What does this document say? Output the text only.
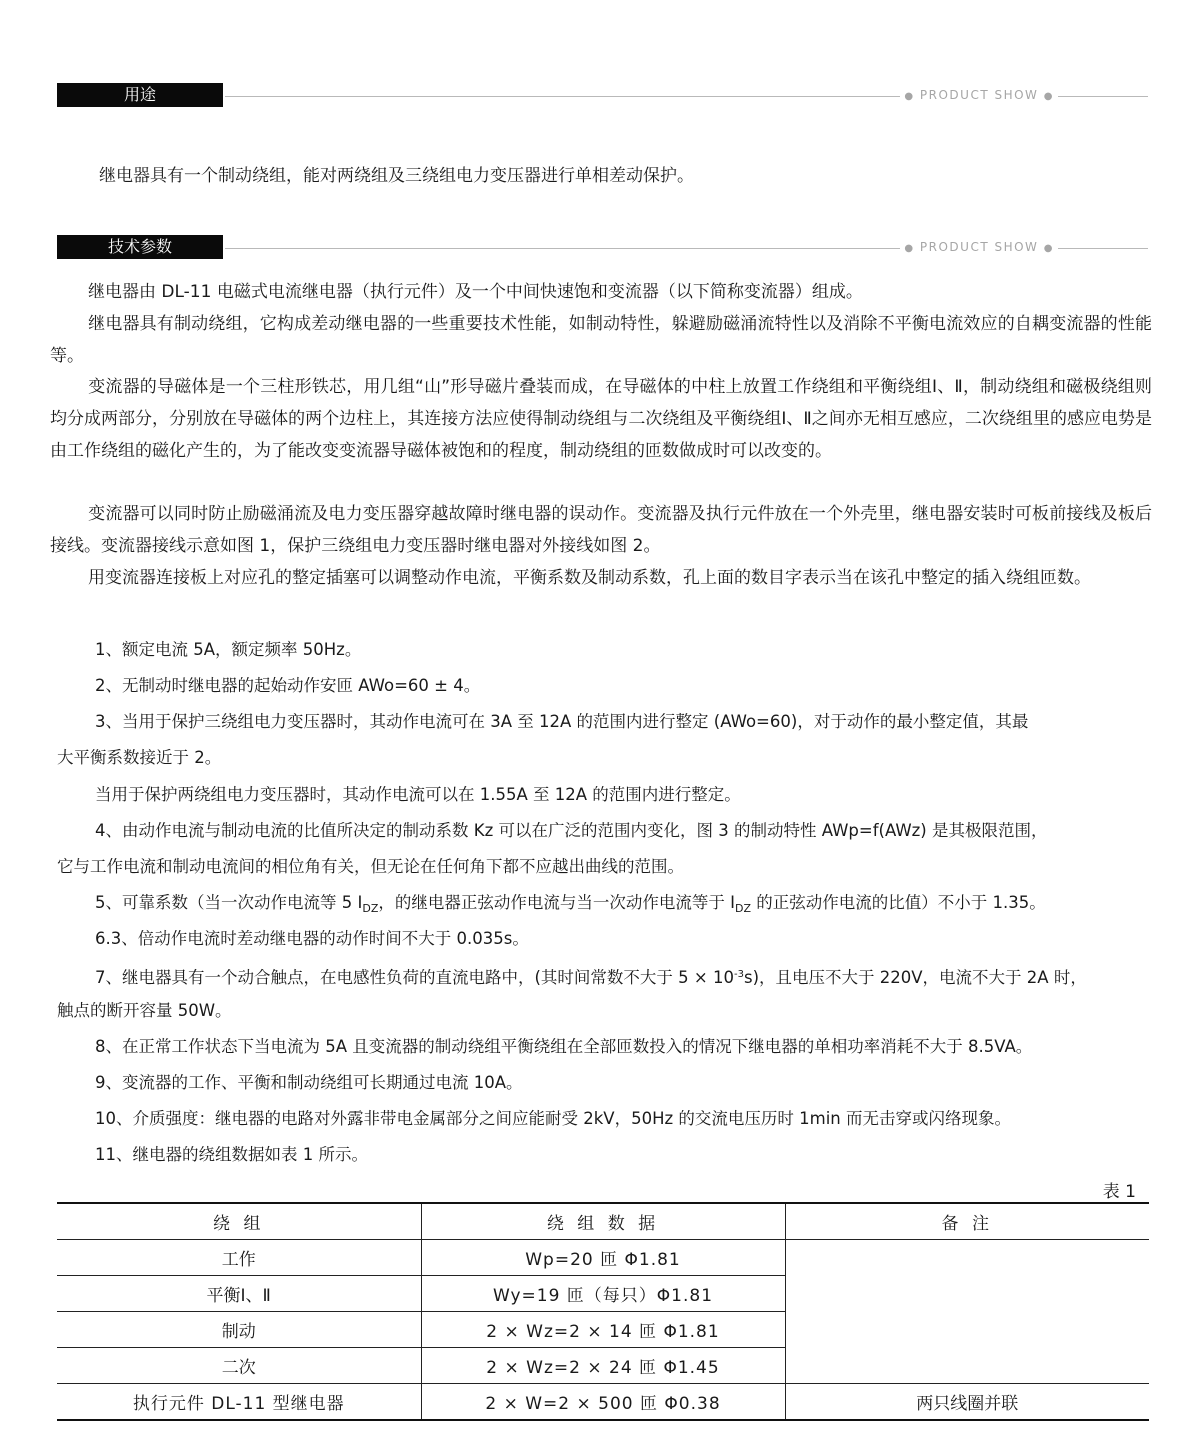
用途	● PRODUCT SHOW ●
继电器具有一个制动绕组，能对两绕组及三绕组电力变压器进行单相差动保护。
技术参数	● PRODUCT SHOW ●
继电器由 DL-11 电磁式电流继电器（执行元件）及一个中间快速饱和变流器（以下简称变流器）组成。
继电器具有制动绕组，它构成差动继电器的一些重要技术性能，如制动特性，躲避励磁涌流特性以及消除不平衡电流效应的自耦变流器的性能等。
变流器的导磁体是一个三柱形铁芯，用几组“山”形导磁片叠装而成，在导磁体的中柱上放置工作绕组和平衡绕组Ⅰ、Ⅱ，制动绕组和磁极绕组则均分成两部分，分别放在导磁体的两个边柱上，其连接方法应使得制动绕组与二次绕组及平衡绕组Ⅰ、Ⅱ之间亦无相互感应，二次绕组里的感应电势是由工作绕组的磁化产生的，为了能改变变流器导磁体被饱和的程度，制动绕组的匝数做成时可以改变的。
变流器可以同时防止励磁涌流及电力变压器穿越故障时继电器的误动作。变流器及执行元件放在一个外壳里，继电器安装时可板前接线及板后接线。变流器接线示意如图 1，保护三绕组电力变压器时继电器对外接线如图 2。
用变流器连接板上对应孔的整定插塞可以调整动作电流，平衡系数及制动系数，孔上面的数目字表示当在该孔中整定的插入绕组匝数。
1、额定电流 5A，额定频率 50Hz。
2、无制动时继电器的起始动作安匝 AWo=60 ± 4。
3、当用于保护三绕组电力变压器时，其动作电流可在 3A 至 12A 的范围内进行整定 (AWo=60)，对于动作的最小整定值，其最
大平衡系数接近于 2。
当用于保护两绕组电力变压器时，其动作电流可以在 1.55A 至 12A 的范围内进行整定。
4、由动作电流与制动电流的比值所决定的制动系数 Kz 可以在广泛的范围内变化，图 3 的制动特性 AWp=f(AWz) 是其极限范围，
它与工作电流和制动电流间的相位角有关，但无论在任何角下都不应越出曲线的范围。
5、可靠系数（当一次动作电流等 5 $I_{DZ}$，的继电器正弦动作电流与当一次动作电流等于 $I_{DZ}$ 的正弦动作电流的比值）不小于 1.35。
6.3、倍动作电流时差动继电器的动作时间不大于 0.035s。
7、继电器具有一个动合触点，在电感性负荷的直流电路中，(其时间常数不大于 $5 \times 10^{-3}s$)，且电压不大于 220V，电流不大于 2A 时，
触点的断开容量 50W。
8、在正常工作状态下当电流为 5A 且变流器的制动绕组平衡绕组在全部匝数投入的情况下继电器的单相功率消耗不大于 8.5VA。
9、变流器的工作、平衡和制动绕组可长期通过电流 10A。
10、介质强度：继电器的电路对外露非带电金属部分之间应能耐受 2kV，50Hz 的交流电压历时 1min 而无击穿或闪络现象。
11、继电器的绕组数据如表 1 所示。
表 1
绕 组	绕 组 数 据	备 注
工作	Wp=20 匝 Φ1.81	
平衡Ⅰ、Ⅱ	Wy=19 匝（每只）Φ1.81	
制动	2 × Wz=2 × 14 匝 Φ1.81	
二次	2 × Wz=2 × 24 匝 Φ1.45	
执行元件 DL-11 型继电器	2 × W=2 × 500 匝 Φ0.38	两只线圈并联
